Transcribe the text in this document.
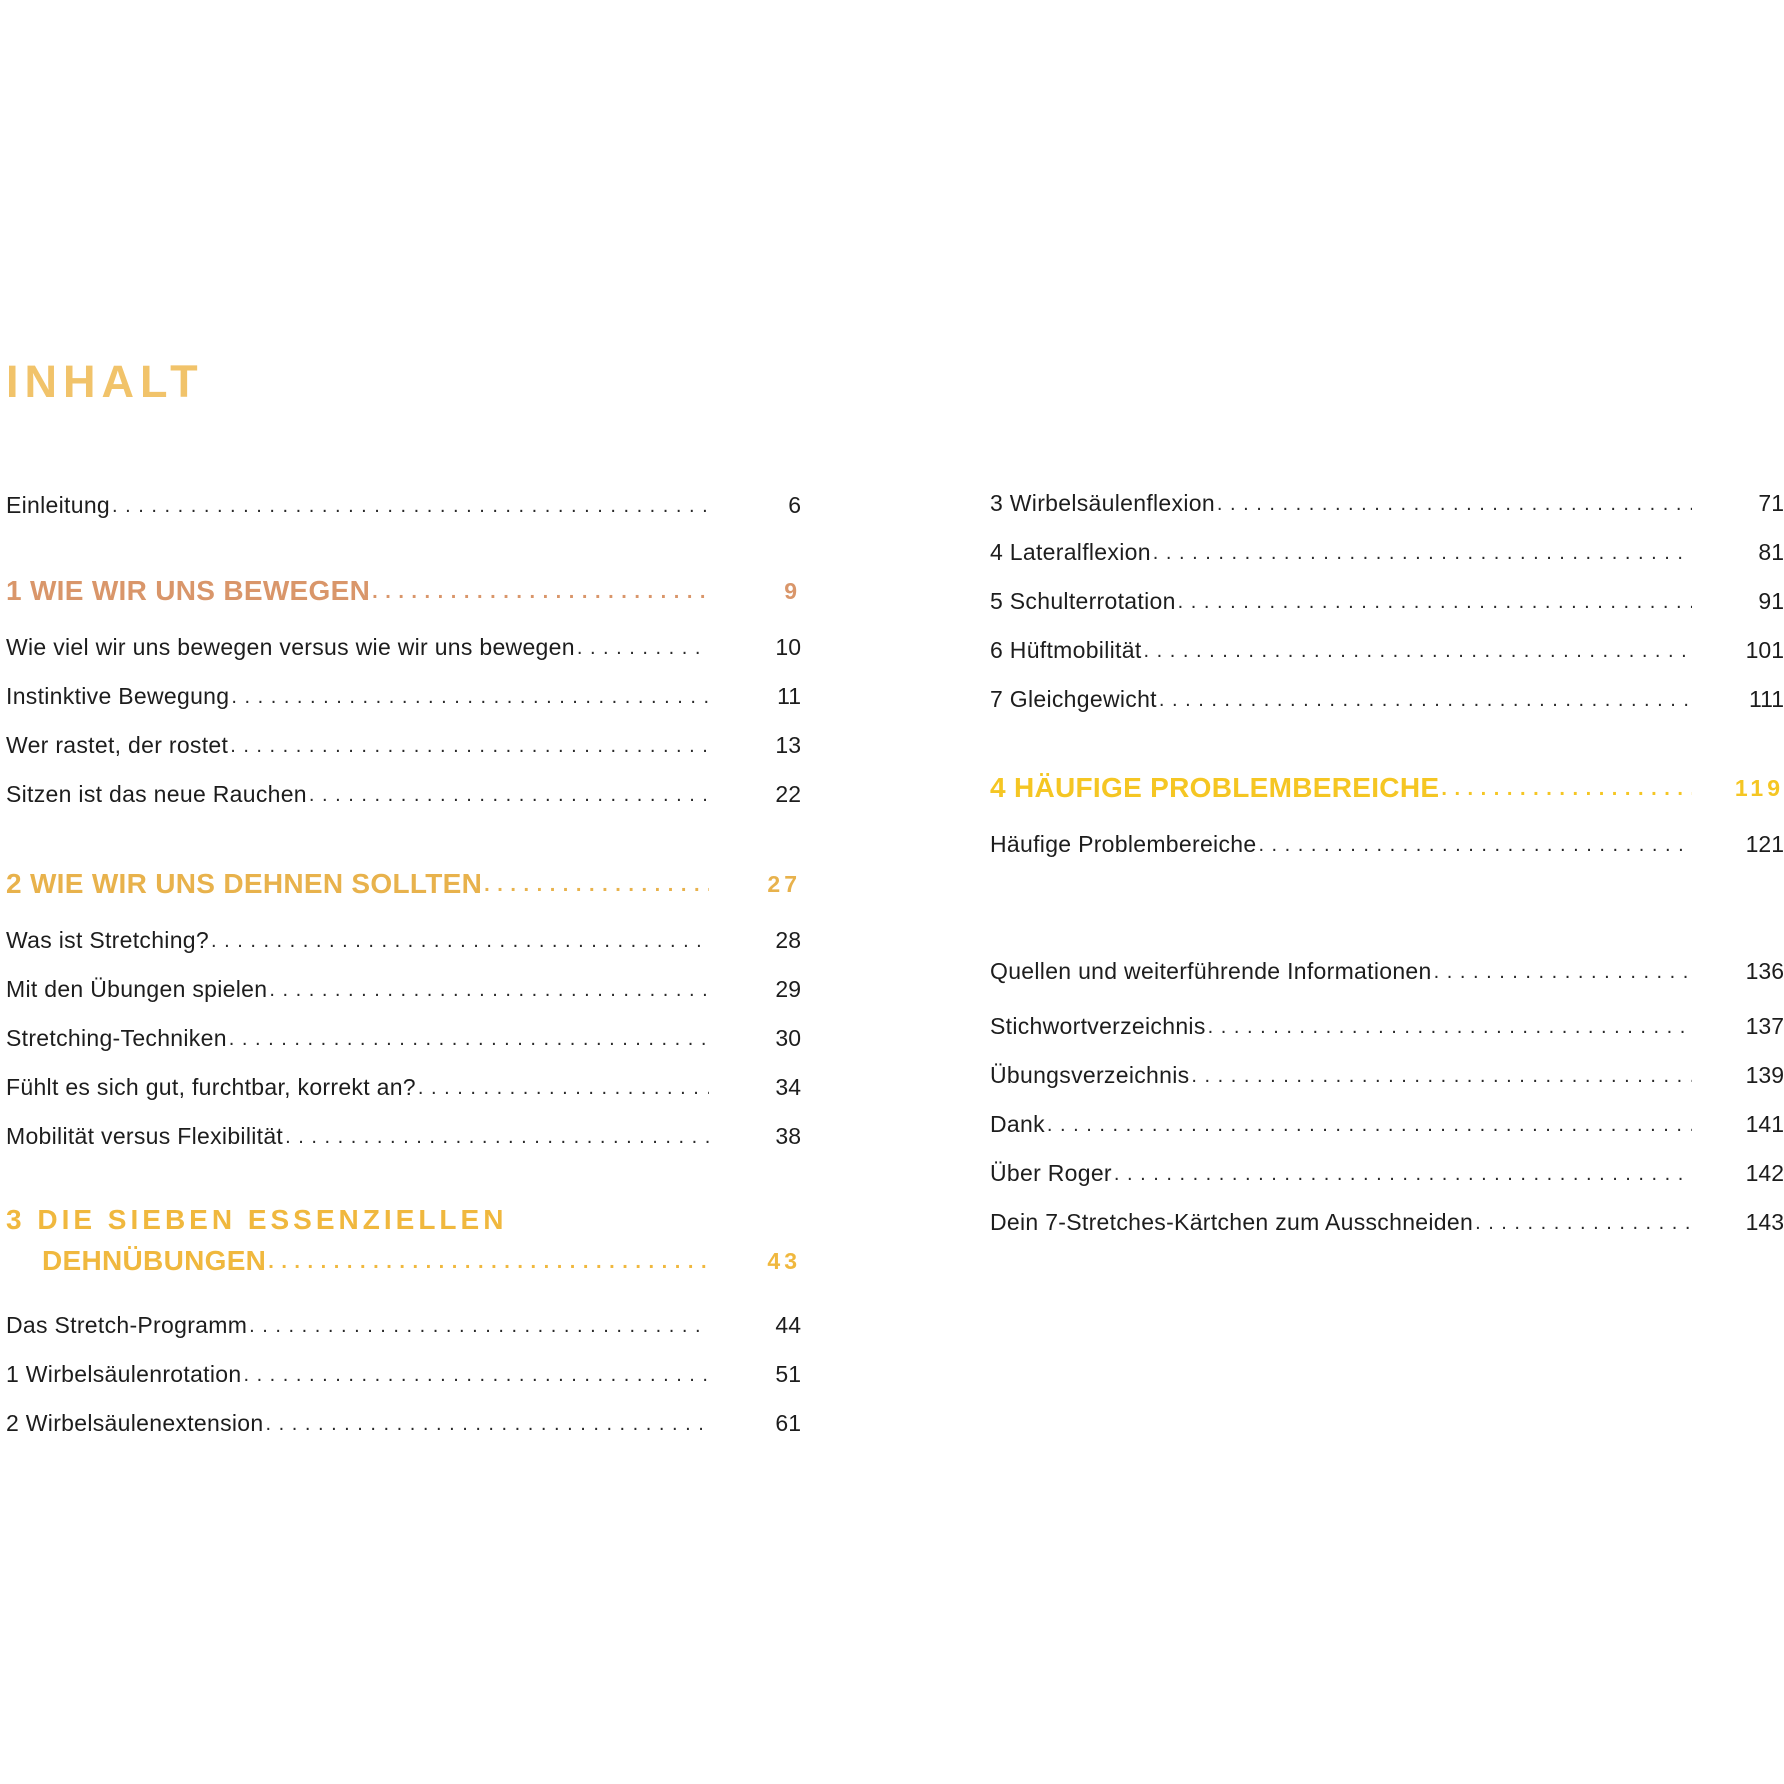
INHALT
Einleitung . . .	6
1 WIE WIR UNS BEWEGEN . . .	9
Wie viel wir uns bewegen versus wie wir uns bewegen . . .	10
Instinktive Bewegung . . .	11
Wer rastet, der rostet . . .	13
Sitzen ist das neue Rauchen . . .	22
2 WIE WIR UNS DEHNEN SOLLTEN . . .	27
Was ist Stretching? . . .	28
Mit den Übungen spielen . . .	29
Stretching-Techniken . . .	30
Fühlt es sich gut, furchtbar, korrekt an? . . .	34
Mobilität versus Flexibilität . . .	38
3 DIE SIEBEN ESSENZIELLEN
DEHNÜBUNGEN . . .	43
Das Stretch-Programm . . .	44
1 Wirbelsäulenrotation . . .	51
2 Wirbelsäulenextension . . .	61
3 Wirbelsäulenflexion . . .	71
4 Lateralflexion . . .	81
5 Schulterrotation . . .	91
6 Hüftmobilität . . .	101
7 Gleichgewicht . . .	111
4 HÄUFIGE PROBLEMBEREICHE . . .	119
Häufige Problembereiche . . .	121
Quellen und weiterführende Informationen . . .	136
Stichwortverzeichnis . . .	137
Übungsverzeichnis . . .	139
Dank . . .	141
Über Roger . . .	142
Dein 7-Stretches-Kärtchen zum Ausschneiden . . .	143
